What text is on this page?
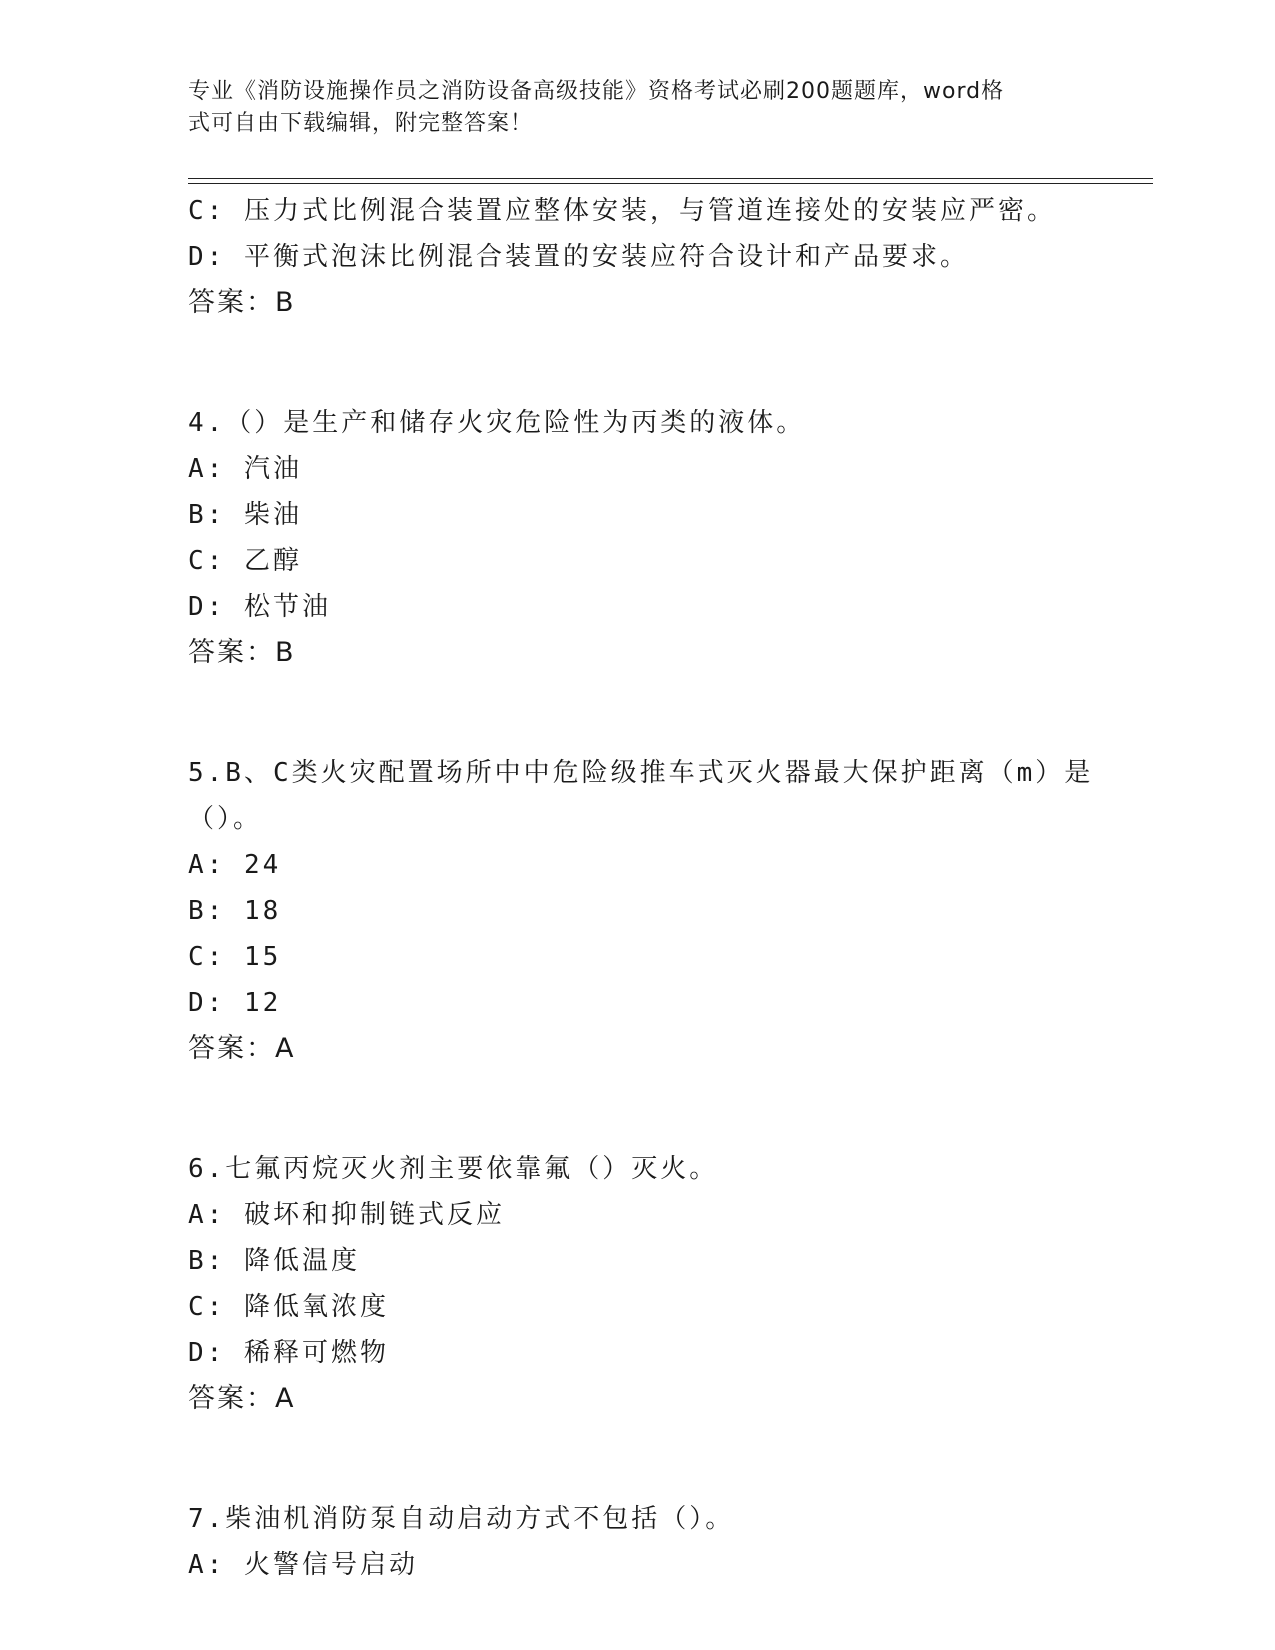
专业《消防设施操作员之消防设备高级技能》资格考试必刷200题题库，word格
式可自由下载编辑，附完整答案！
C: 压力式比例混合装置应整体安装，与管道连接处的安装应严密。
D: 平衡式泡沫比例混合装置的安装应符合设计和产品要求。
答案：B
4.（）是生产和储存火灾危险性为丙类的液体。
A: 汽油
B: 柴油
C: 乙醇
D: 松节油
答案：B
5.B、C类火灾配置场所中中危险级推车式灭火器最大保护距离（m）是
（）。
A: 24
B: 18
C: 15
D: 12
答案：A
6.七氟丙烷灭火剂主要依靠氟（）灭火。
A: 破坏和抑制链式反应
B: 降低温度
C: 降低氧浓度
D: 稀释可燃物
答案：A
7.柴油机消防泵自动启动方式不包括（）。
A: 火警信号启动
